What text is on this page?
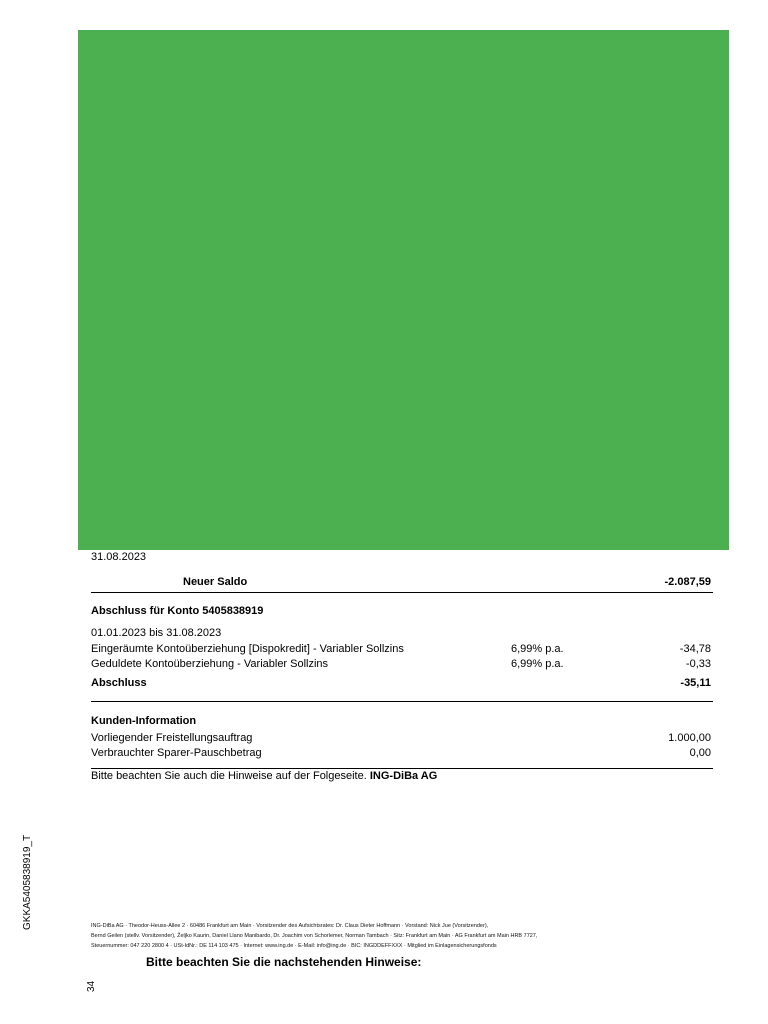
31.08.2023
Neuer Saldo	-2.087,59
Abschluss für Konto 5405838919
01.01.2023 bis 31.08.2023
Eingeräumte Kontoüberziehung [Dispokredit] - Variabler Sollzins	6,99% p.a.	-34,78
Geduldete Kontoüberziehung - Variabler Sollzins	6,99% p.a.	-0,33
Abschluss	-35,11
Kunden-Information
Vorliegender Freistellungsauftrag	1.000,00
Verbrauchter Sparer-Pauschbetrag	0,00
Bitte beachten Sie auch die Hinweise auf der Folgeseite. ING-DiBa AG
GKKA5405838919_T
34
ING-DiBa AG · Theodor-Heuss-Allee 2 · 60486 Frankfurt am Main · Vorsitzender des Aufsichtsrates: Dr. Claus Dieter Hoffmann · Vorstand: Nick Jue (Vorsitzender),
Bernd Geilen (stellv. Vorsitzender), Željko Kaurin, Daniel Llano Manibardo, Dr. Joachim von Schorlemer, Norman Tambach · Sitz: Frankfurt am Main · AG Frankfurt am Main HRB 7727,
Steuernummer: 047 220 2800 4 · USt-IdNr.: DE 114 103 475 · Internet: www.ing.de · E-Mail: info@ing.de · BIC: INGDDEFFXXX · Mitglied im Einlagensicherungsfonds
Bitte beachten Sie die nachstehenden Hinweise:
